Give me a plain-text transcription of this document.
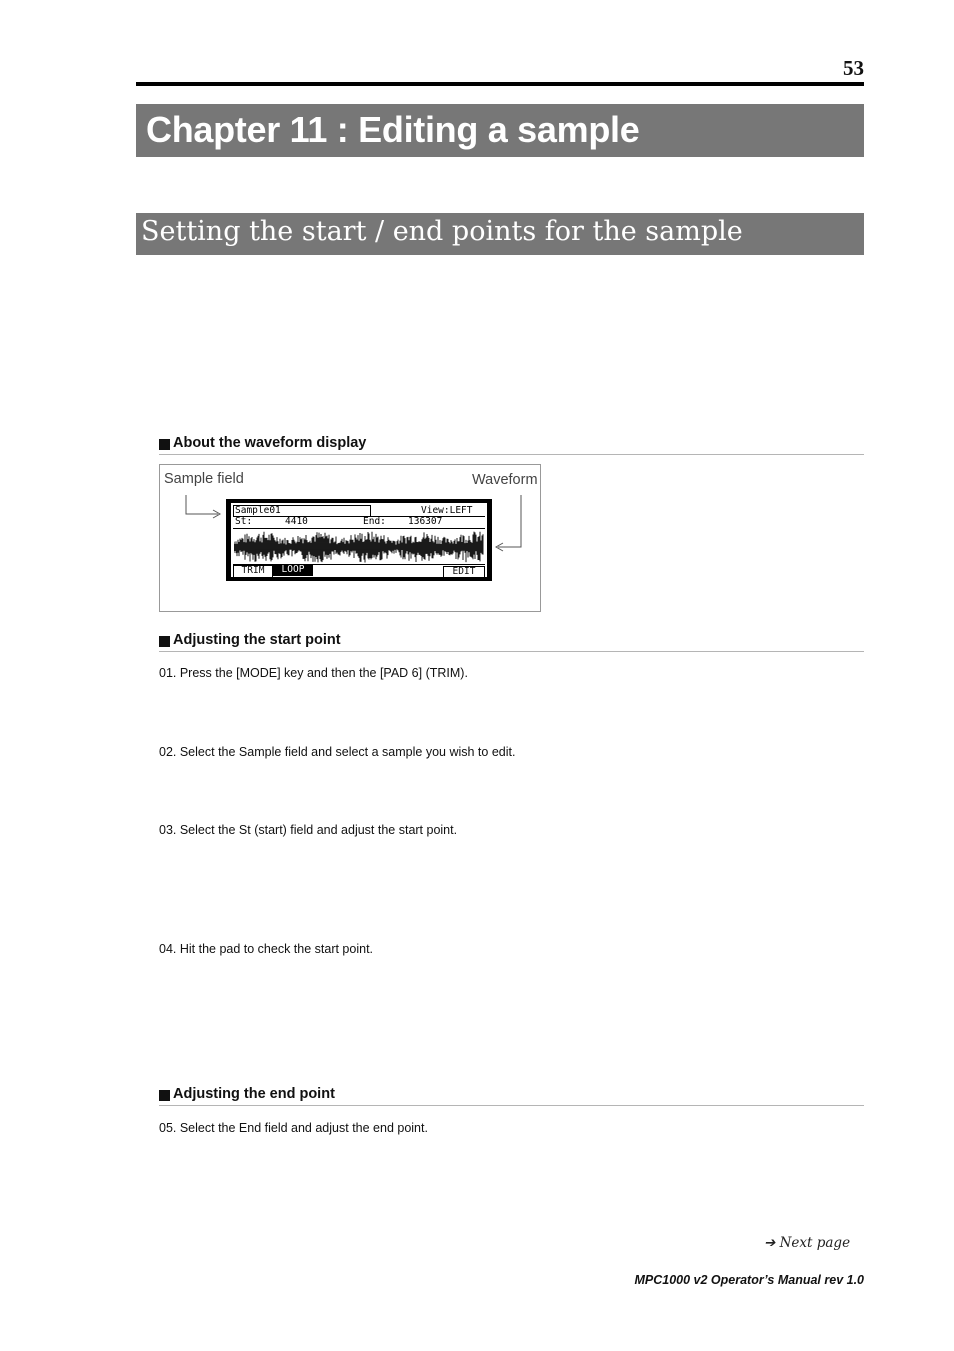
53
Chapter 11 : Editing a sample
Setting the start / end points for the sample
About the waveform display
Sample field	Waveform
Sample01	View:LEFT
St:	4410	End: 136307
TRIM	LOOP	EDIT
Adjusting the start point
01. Press the [MODE] key and then the [PAD 6] (TRIM).
02. Select the Sample field and select a sample you wish to edit.
03. Select the St (start) field and adjust the start point.
04. Hit the pad to check the start point.
Adjusting the end point
05. Select the End field and adjust the end point.
➔ Next page
MPC1000 v2 Operator’s Manual rev 1.0
